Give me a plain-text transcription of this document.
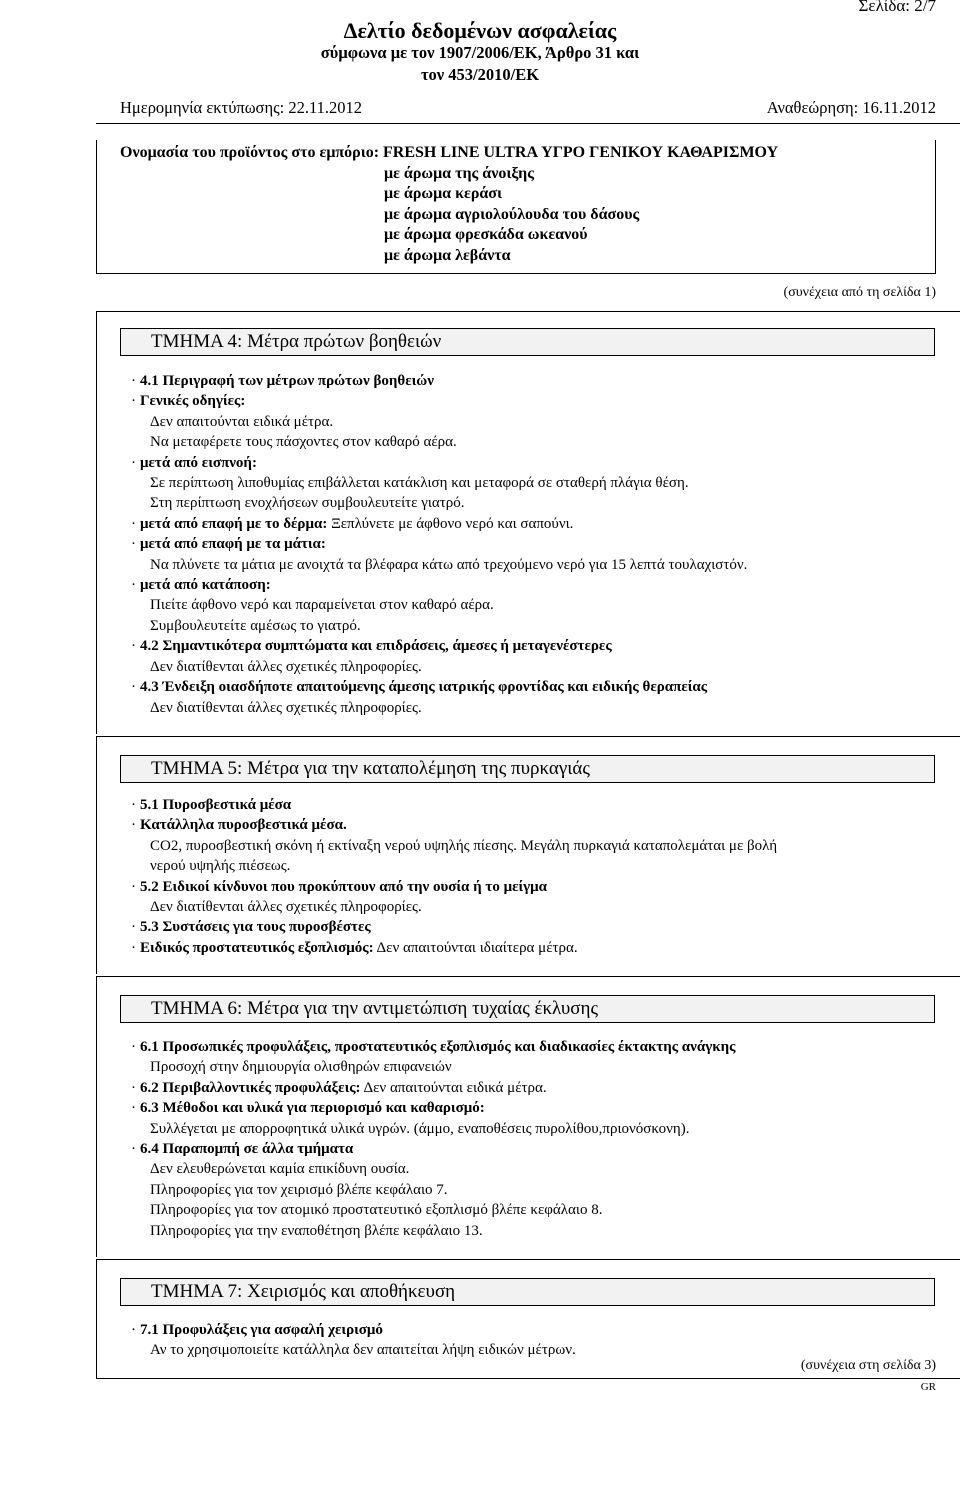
Σελίδα: 2/7
Δελτίο δεδομένων ασφαλείας
σύμφωνα με τον 1907/2006/ΕΚ, Άρθρο 31 και
τον 453/2010/ΕΚ
Ημερομηνία εκτύπωσης: 22.11.2012	Αναθεώρηση: 16.11.2012
Ονομασία του προϊόντος στο εμπόριο: FRESH LINE ULTRA ΥΓΡΟ ΓΕΝΙΚΟΥ ΚΑΘΑΡΙΣΜΟΥ
με άρωμα της άνοιξης
με άρωμα κεράσι
με άρωμα αγριολούλουδα του δάσους
με άρωμα φρεσκάδα ωκεανού
με άρωμα λεβάντα
(συνέχεια από τη σελίδα 1)
ΤΜΗΜΑ 4: Μέτρα πρώτων βοηθειών
· 4.1 Περιγραφή των μέτρων πρώτων βοηθειών
· Γενικές οδηγίες:
Δεν απαιτούνται ειδικά μέτρα.
Να μεταφέρετε τους πάσχοντες στον καθαρό αέρα.
· μετά από εισπνοή:
Σε περίπτωση λιποθυμίας επιβάλλεται κατάκλιση και μεταφορά σε σταθερή πλάγια θέση.
Στη περίπτωση ενοχλήσεων συμβουλευτείτε γιατρό.
· μετά από επαφή με το δέρμα: Ξεπλύνετε με άφθονο νερό και σαπούνι.
· μετά από επαφή με τα μάτια:
Να πλύνετε τα μάτια με ανοιχτά τα βλέφαρα κάτω από τρεχούμενο νερό για 15 λεπτά τουλαχιστόν.
· μετά από κατάποση:
Πιείτε άφθονο νερό και παραμείνεται στον καθαρό αέρα.
Συμβουλευτείτε αμέσως το γιατρό.
· 4.2 Σημαντικότερα συμπτώματα και επιδράσεις, άμεσες ή μεταγενέστερες
Δεν διατίθενται άλλες σχετικές πληροφορίες.
· 4.3 Ένδειξη οιασδήποτε απαιτούμενης άμεσης ιατρικής φροντίδας και ειδικής θεραπείας
Δεν διατίθενται άλλες σχετικές πληροφορίες.
ΤΜΗΜΑ 5: Μέτρα για την καταπολέμηση της πυρκαγιάς
· 5.1 Πυροσβεστικά μέσα
· Κατάλληλα πυροσβεστικά μέσα.
CO2, πυροσβεστική σκόνη ή εκτίναξη νερού υψηλής πίεσης. Μεγάλη πυρκαγιά καταπολεμάται με βολή
νερού υψηλής πιέσεως.
· 5.2 Ειδικοί κίνδυνοι που προκύπτουν από την ουσία ή το μείγμα
Δεν διατίθενται άλλες σχετικές πληροφορίες.
· 5.3 Συστάσεις για τους πυροσβέστες
· Ειδικός προστατευτικός εξοπλισμός: Δεν απαιτούνται ιδιαίτερα μέτρα.
ΤΜΗΜΑ 6: Μέτρα για την αντιμετώπιση τυχαίας έκλυσης
· 6.1 Προσωπικές προφυλάξεις, προστατευτικός εξοπλισμός και διαδικασίες έκτακτης ανάγκης
Προσοχή στην δημιουργία ολισθηρών επιφανειών
· 6.2 Περιβαλλοντικές προφυλάξεις: Δεν απαιτούνται ειδικά μέτρα.
· 6.3 Μέθοδοι και υλικά για περιορισμό και καθαρισμό:
Συλλέγεται με απορροφητικά υλικά υγρών. (άμμο, εναποθέσεις πυρολίθου,πριονόσκονη).
· 6.4 Παραπομπή σε άλλα τμήματα
Δεν ελευθερώνεται καμία επικίδυνη ουσία.
Πληροφορίες για τον χειρισμό βλέπε κεφάλαιο 7.
Πληροφορίες για τον ατομικό προστατευτικό εξοπλισμό βλέπε κεφάλαιο 8.
Πληροφορίες για την εναποθέτηση βλέπε κεφάλαιο 13.
ΤΜΗΜΑ 7: Χειρισμός και αποθήκευση
· 7.1 Προφυλάξεις για ασφαλή χειρισμό
Αν το χρησιμοποιείτε κατάλληλα δεν απαιτείται λήψη ειδικών μέτρων.
(συνέχεια στη σελίδα 3)
GR
